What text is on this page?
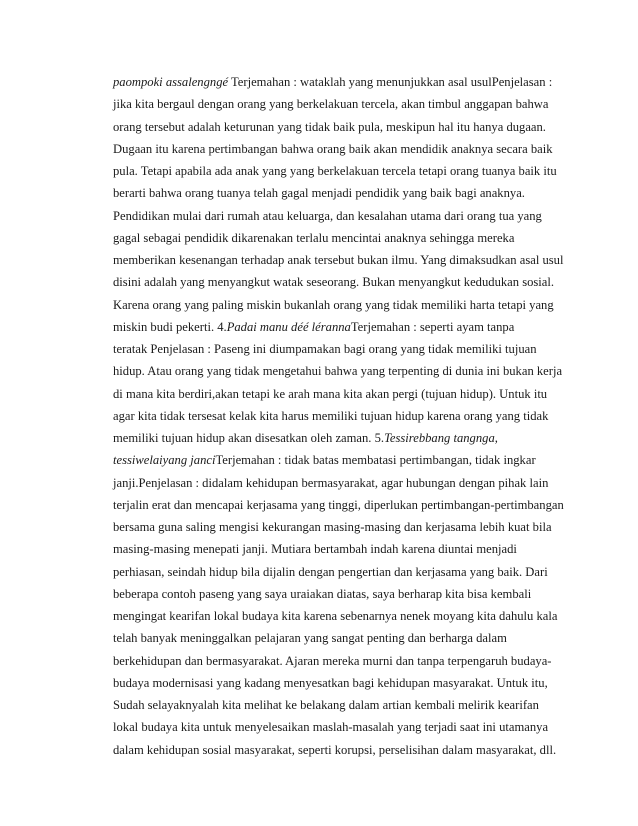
paompoki assalengngé Terjemahan : wataklah yang menunjukkan asal usulPenjelasan :
jika kita bergaul dengan orang yang berkelakuan tercela, akan timbul anggapan bahwa
orang tersebut adalah keturunan yang tidak baik pula, meskipun hal itu hanya dugaan.
Dugaan itu karena pertimbangan bahwa orang baik akan mendidik anaknya secara baik
pula. Tetapi apabila ada anak yang yang berkelakuan tercela tetapi orang tuanya baik itu
berarti bahwa orang tuanya telah gagal menjadi pendidik yang baik bagi anaknya.
Pendidikan mulai dari rumah atau keluarga, dan kesalahan utama dari orang tua yang
gagal sebagai pendidik dikarenakan terlalu mencintai anaknya sehingga mereka
memberikan kesenangan terhadap anak tersebut bukan ilmu. Yang dimaksudkan asal usul
disini adalah yang menyangkut watak seseorang. Bukan menyangkut kedudukan sosial.
Karena orang yang paling miskin bukanlah orang yang tidak memiliki harta tetapi yang
miskin budi pekerti. 4.Padai manu déé lérannaTerjemahan : seperti ayam tanpa
teratak Penjelasan : Paseng ini diumpamakan bagi orang yang tidak memiliki tujuan
hidup. Atau orang yang tidak mengetahui bahwa yang terpenting di dunia ini bukan kerja
di mana kita berdiri,akan tetapi ke arah mana kita akan pergi (tujuan hidup). Untuk itu
agar kita tidak tersesat kelak kita harus memiliki tujuan hidup karena orang yang tidak
memiliki tujuan hidup akan disesatkan oleh zaman. 5.Tessirebbang tangnga,
tessiwelaiyang janciTerjemahan : tidak batas membatasi pertimbangan, tidak ingkar
janji.Penjelasan : didalam kehidupan bermasyarakat, agar hubungan dengan pihak lain
terjalin erat dan mencapai kerjasama yang tinggi, diperlukan pertimbangan-pertimbangan
bersama guna saling mengisi kekurangan masing-masing dan kerjasama lebih kuat bila
masing-masing menepati janji. Mutiara bertambah indah karena diuntai menjadi
perhiasan, seindah hidup bila dijalin dengan pengertian dan kerjasama yang baik. Dari
beberapa contoh paseng yang saya uraiakan diatas, saya berharap kita bisa kembali
mengingat kearifan lokal budaya kita karena sebenarnya nenek moyang kita dahulu kala
telah banyak meninggalkan pelajaran yang sangat penting dan berharga dalam
berkehidupan dan bermasyarakat. Ajaran mereka murni dan tanpa terpengaruh budaya-
budaya modernisasi yang kadang menyesatkan bagi kehidupan masyarakat. Untuk itu,
Sudah selayaknyalah kita melihat ke belakang dalam artian kembali melirik kearifan
lokal budaya kita untuk menyelesaikan maslah-masalah yang terjadi saat ini utamanya
dalam kehidupan sosial masyarakat, seperti korupsi, perselisihan dalam masyarakat, dll.
